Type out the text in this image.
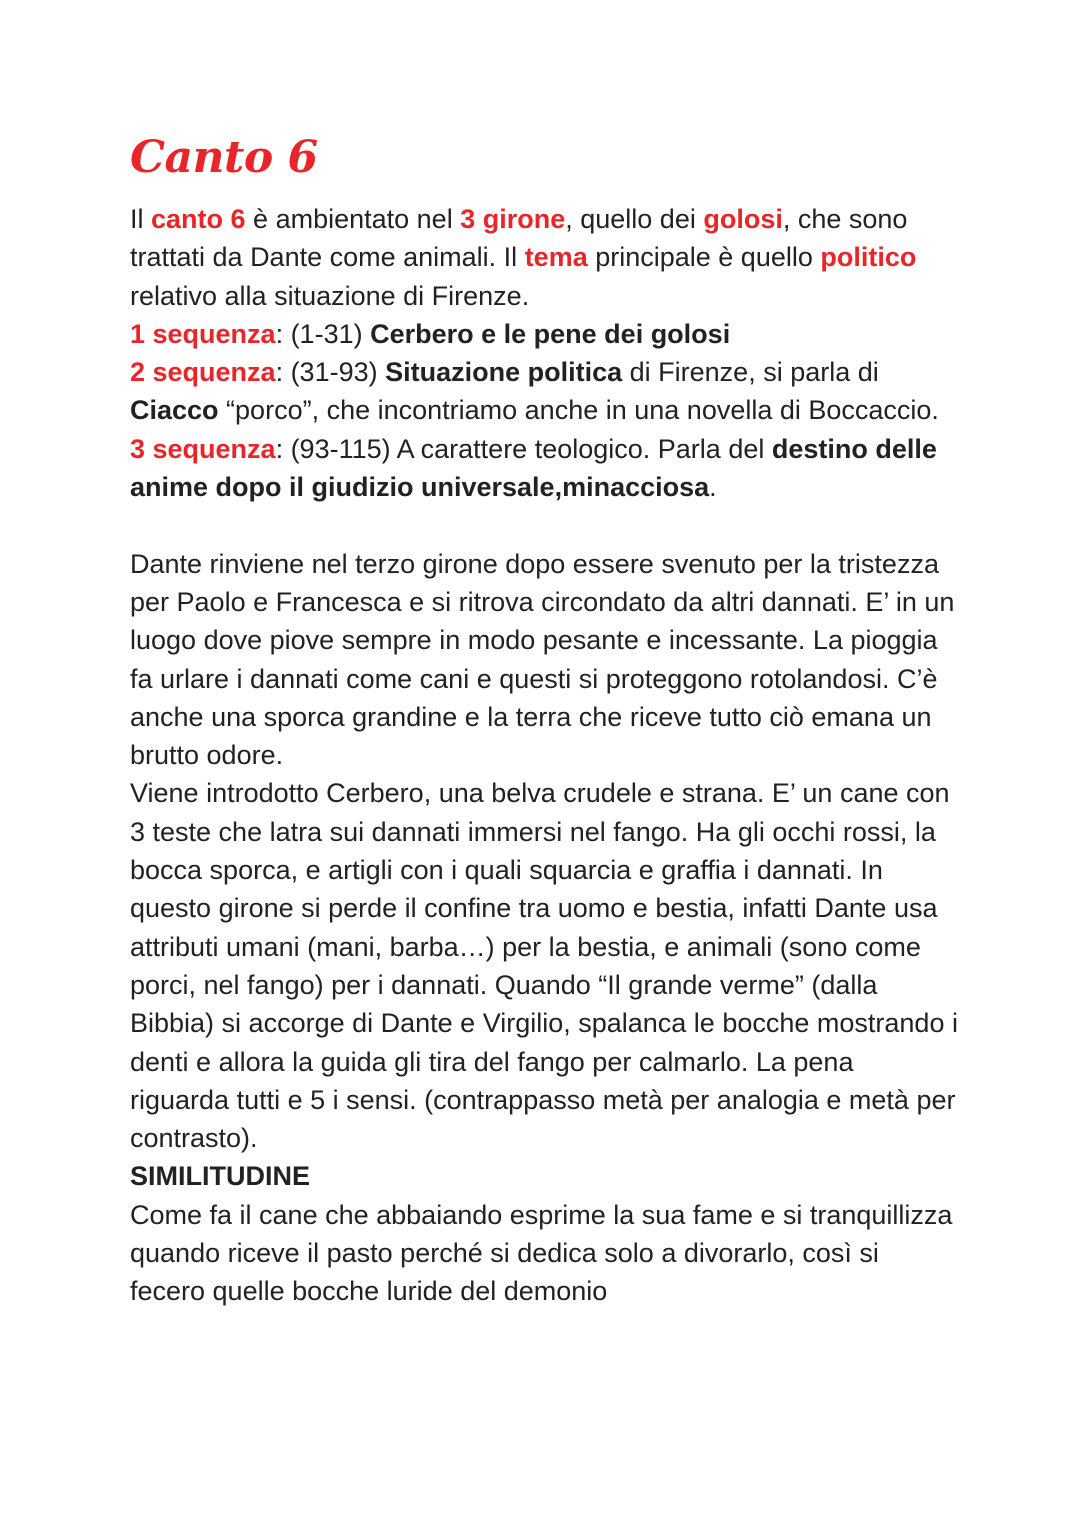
Canto 6

Il canto 6 è ambientato nel 3 girone, quello dei golosi, che sono trattati da Dante come animali. Il tema principale è quello politico relativo alla situazione di Firenze.

1 sequenza: (1-31) Cerbero e le pene dei golosi

2 sequenza: (31-93) Situazione politica di Firenze, si parla di Ciacco “porco”, che incontriamo anche in una novella di Boccaccio.

3 sequenza: (93-115) A carattere teologico. Parla del destino delle anime dopo il giudizio universale,minacciosa.

Dante rinviene nel terzo girone dopo essere svenuto per la tristezza per Paolo e Francesca e si ritrova circondato da altri dannati. E’ in un luogo dove piove sempre in modo pesante e incessante. La pioggia fa urlare i dannati come cani e questi si proteggono rotolandosi. C’è anche una sporca grandine e la terra che riceve tutto ciò emana un brutto odore.

Viene introdotto Cerbero, una belva crudele e strana. E’ un cane con 3 teste che latra sui dannati immersi nel fango. Ha gli occhi rossi, la bocca sporca, e artigli con i quali squarcia e graffia i dannati. In questo girone si perde il confine tra uomo e bestia, infatti Dante usa attributi umani (mani, barba…) per la bestia, e animali (sono come porci, nel fango) per i dannati. Quando “Il grande verme” (dalla Bibbia) si accorge di Dante e Virgilio, spalanca le bocche mostrando i denti e allora la guida gli tira del fango per calmarlo. La pena riguarda tutti e 5 i sensi. (contrappasso metà per analogia e metà per contrasto).

SIMILITUDINE

Come fa il cane che abbaiando esprime la sua fame e si tranquillizza quando riceve il pasto perché si dedica solo a divorarlo, così si fecero quelle bocche luride del demonio
